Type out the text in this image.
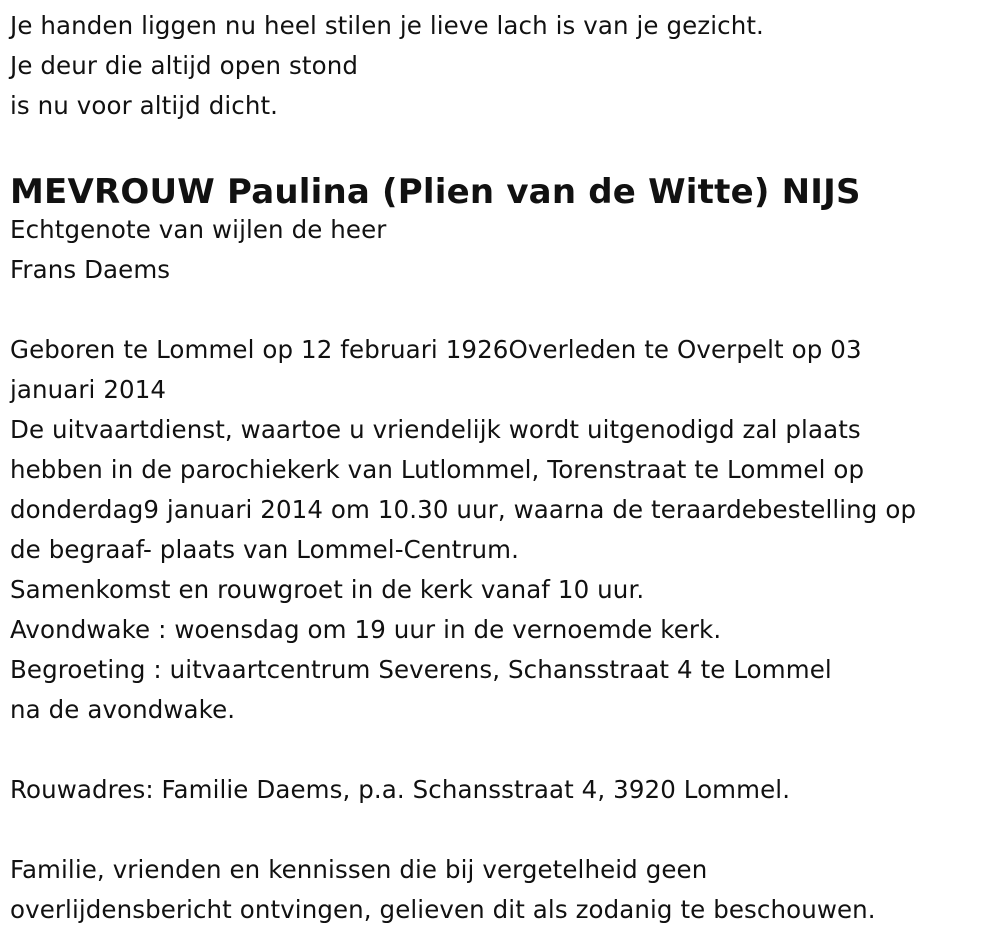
Je handen liggen nu heel stilen je lieve lach is van je gezicht.
Je deur die altijd open stond
is nu voor altijd dicht.
MEVROUW Paulina (Plien van de Witte) NIJS
Echtgenote van wijlen de heer
Frans Daems
Geboren te Lommel op 12 februari 1926Overleden te Overpelt op 03
januari 2014
De uitvaartdienst, waartoe u vriendelijk wordt uitgenodigd zal plaats
hebben in de parochiekerk van Lutlommel, Torenstraat te Lommel op
donderdag9 januari 2014 om 10.30 uur, waarna de teraardebestelling op
de begraaf- plaats van Lommel-Centrum.
Samenkomst en rouwgroet in de kerk vanaf 10 uur.
Avondwake : woensdag om 19 uur in de vernoemde kerk.
Begroeting : uitvaartcentrum Severens, Schansstraat 4 te Lommel
na de avondwake.
Rouwadres: Familie Daems, p.a. Schansstraat 4, 3920 Lommel.
Familie, vrienden en kennissen die bij vergetelheid geen
overlijdensbericht ontvingen, gelieven dit als zodanig te beschouwen.
